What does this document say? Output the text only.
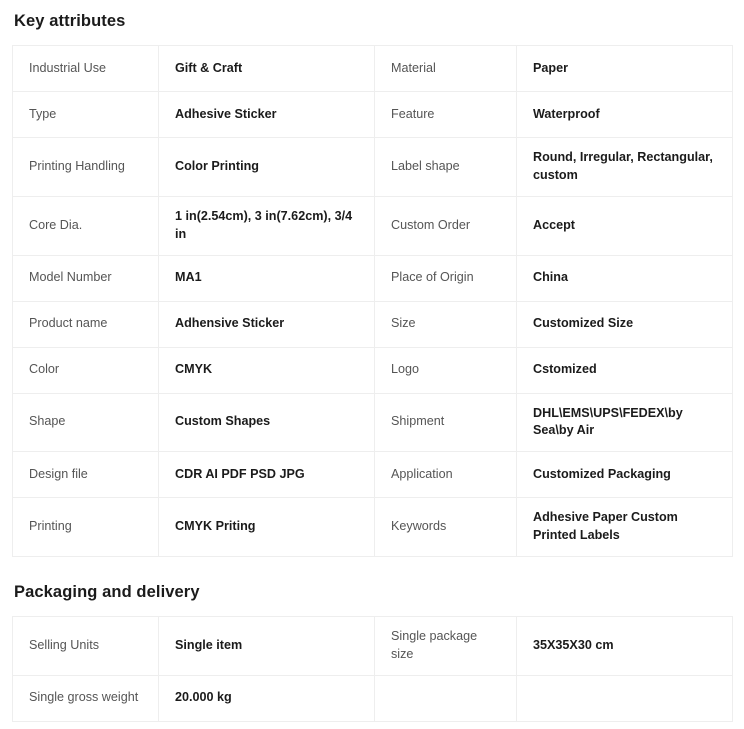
Key attributes
Industrial Use	Gift & Craft	Material	Paper
Type	Adhesive Sticker	Feature	Waterproof
Printing Handling	Color Printing	Label shape	Round, Irregular, Rectangular, custom
Core Dia.	1 in(2.54cm), 3 in(7.62cm), 3/4 in	Custom Order	Accept
Model Number	MA1	Place of Origin	China
Product name	Adhensive Sticker	Size	Customized Size
Color	CMYK	Logo	Cstomized
Shape	Custom Shapes	Shipment	DHL\EMS\UPS\FEDEX\by Sea\by Air
Design file	CDR AI PDF PSD JPG	Application	Customized Packaging
Printing	CMYK Priting	Keywords	Adhesive Paper Custom Printed Labels
Packaging and delivery
Selling Units	Single item	Single package size	35X35X30 cm
Single gross weight	20.000 kg		
